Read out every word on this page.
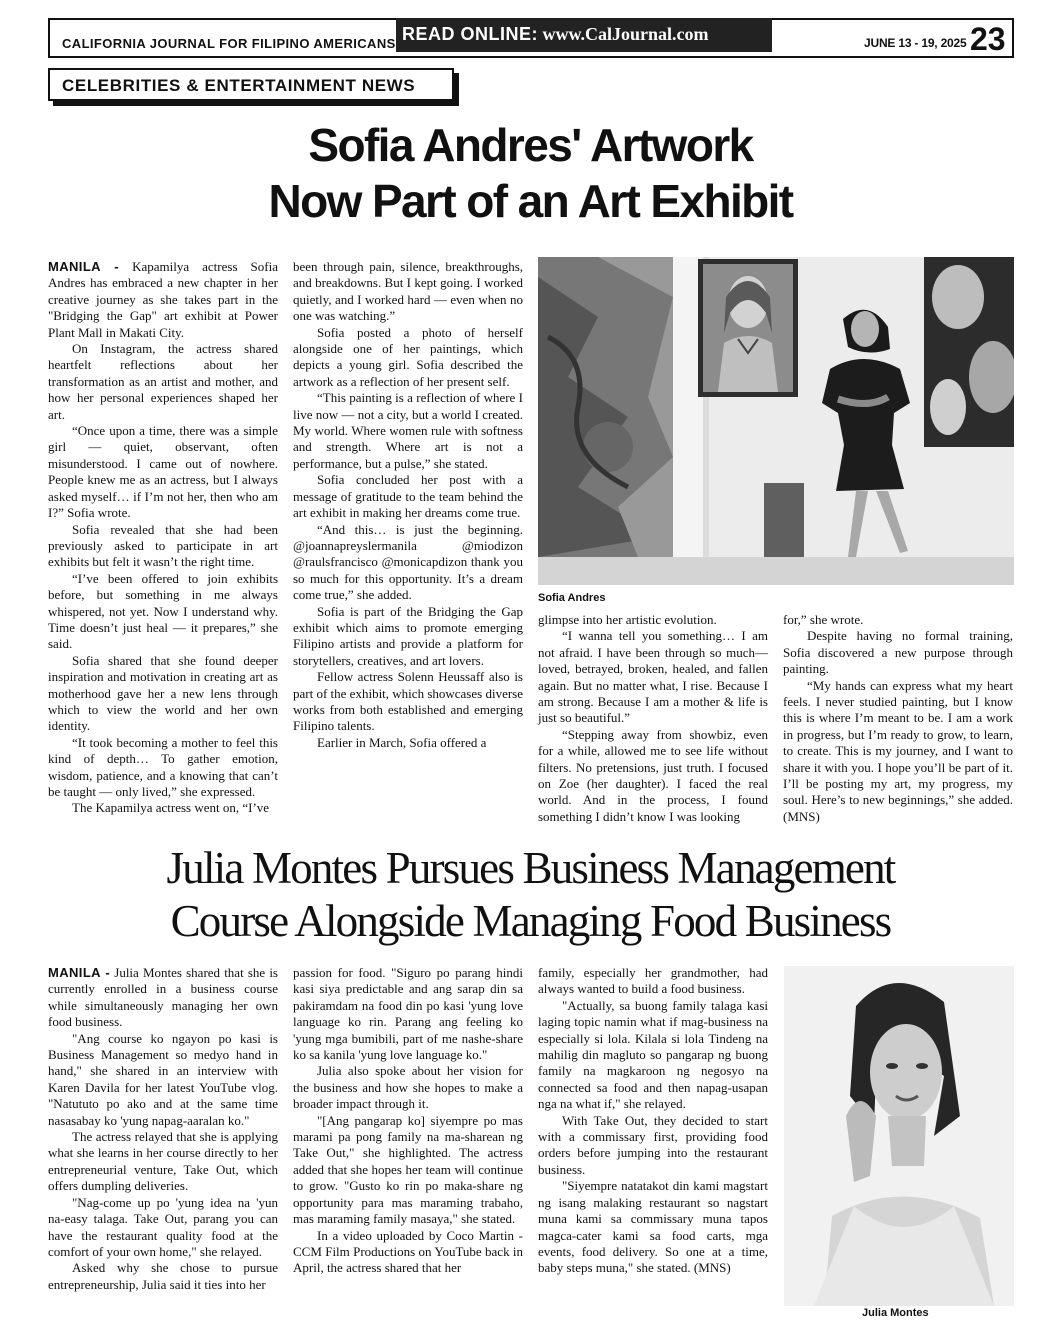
CALIFORNIA JOURNAL FOR FILIPINO AMERICANS READ ONLINE: www.CalJournal.com	JUNE 13 - 19, 2025 23
CELEBRITIES & ENTERTAINMENT NEWS
Sofia Andres' Artwork
Now Part of an Art Exhibit

MANILA - Kapamilya actress Sofia Andres has embraced a new chapter in her creative journey as she takes part in the "Bridging the Gap" art exhibit at Power Plant Mall in Makati City.

On Instagram, the actress shared heartfelt reflections about her transformation as an artist and mother, and how her personal experiences shaped her art.

“Once upon a time, there was a simple girl — quiet, observant, often misunderstood. I came out of nowhere. People knew me as an actress, but I always asked myself… if I’m not her, then who am I?” Sofia wrote.

Sofia revealed that she had been previously asked to participate in art exhibits but felt it wasn’t the right time.

“I’ve been offered to join exhibits before, but something in me always whispered, not yet. Now I understand why. Time doesn’t just heal — it prepares,” she said.

Sofia shared that she found deeper inspiration and motivation in creating art as motherhood gave her a new lens through which to view the world and her own identity.

“It took becoming a mother to feel this kind of depth… To gather emotion, wisdom, patience, and a knowing that can’t be taught — only lived,” she expressed.

The Kapamilya actress went on, “I’ve

been through pain, silence, breakthroughs, and breakdowns. But I kept going. I worked quietly, and I worked hard — even when no one was watching.”

Sofia posted a photo of herself alongside one of her paintings, which depicts a young girl. Sofia described the artwork as a reflection of her present self.

“This painting is a reflection of where I live now — not a city, but a world I created. My world. Where women rule with softness and strength. Where art is not a performance, but a pulse,” she stated.

Sofia concluded her post with a message of gratitude to the team behind the art exhibit in making her dreams come true.

“And this… is just the beginning. @joannapreyslermanila @miodizon @raulsfrancisco @monicapdizon thank you so much for this opportunity. It’s a dream come true,” she added.

Sofia is part of the Bridging the Gap exhibit which aims to promote emerging Filipino artists and provide a platform for storytellers, creatives, and art lovers.

Fellow actress Solenn Heussaff also is part of the exhibit, which showcases diverse works from both established and emerging Filipino talents.

Earlier in March, Sofia offered a

Sofia Andres

glimpse into her artistic evolution.

“I wanna tell you something… I am not afraid. I have been through so much—loved, betrayed, broken, healed, and fallen again. But no matter what, I rise. Because I am strong. Because I am a mother & life is just so beautiful.”

“Stepping away from showbiz, even for a while, allowed me to see life without filters. No pretensions, just truth. I focused on Zoe (her daughter). I faced the real world. And in the process, I found something I didn’t know I was looking

for,” she wrote.

Despite having no formal training, Sofia discovered a new purpose through painting.

“My hands can express what my heart feels. I never studied painting, but I know this is where I’m meant to be. I am a work in progress, but I’m ready to grow, to learn, to create. This is my journey, and I want to share it with you. I hope you’ll be part of it. I’ll be posting my art, my progress, my soul. Here’s to new beginnings,” she added. (MNS)

Julia Montes Pursues Business Management
Course Alongside Managing Food Business

MANILA - Julia Montes shared that she is currently enrolled in a business course while simultaneously managing her own food business.

"Ang course ko ngayon po kasi is Business Management so medyo hand in hand," she shared in an interview with Karen Davila for her latest YouTube vlog. "Natututo po ako and at the same time nasasabay ko 'yung napag-aaralan ko."

The actress relayed that she is applying what she learns in her course directly to her entrepreneurial venture, Take Out, which offers dumpling deliveries.

"Nag-come up po 'yung idea na 'yun na-easy talaga. Take Out, parang you can have the restaurant quality food at the comfort of your own home," she relayed.

Asked why she chose to pursue entrepreneurship, Julia said it ties into her

passion for food. "Siguro po parang hindi kasi siya predictable and ang sarap din sa pakiramdam na food din po kasi 'yung love language ko rin. Parang ang feeling ko 'yung mga bumibili, part of me nashe-share ko sa kanila 'yung love language ko."

Julia also spoke about her vision for the business and how she hopes to make a broader impact through it.

"[Ang pangarap ko] siyempre po mas marami pa pong family na ma-sharean ng Take Out," she highlighted. The actress added that she hopes her team will continue to grow. "Gusto ko rin po maka-share ng opportunity para mas maraming trabaho, mas maraming family masaya," she stated.

In a video uploaded by Coco Martin - CCM Film Productions on YouTube back in April, the actress shared that her

family, especially her grandmother, had always wanted to build a food business.

"Actually, sa buong family talaga kasi laging topic namin what if mag-business na especially si lola. Kilala si lola Tindeng na mahilig din magluto so pangarap ng buong family na magkaroon ng negosyo na connected sa food and then napag-usapan nga na what if," she relayed.

With Take Out, they decided to start with a commissary first, providing food orders before jumping into the restaurant business.

"Siyempre natatakot din kami magstart ng isang malaking restaurant so nagstart muna kami sa commissary muna tapos magca-cater kami sa food carts, mga events, food delivery. So one at a time, baby steps muna," she stated. (MNS)

Julia Montes
